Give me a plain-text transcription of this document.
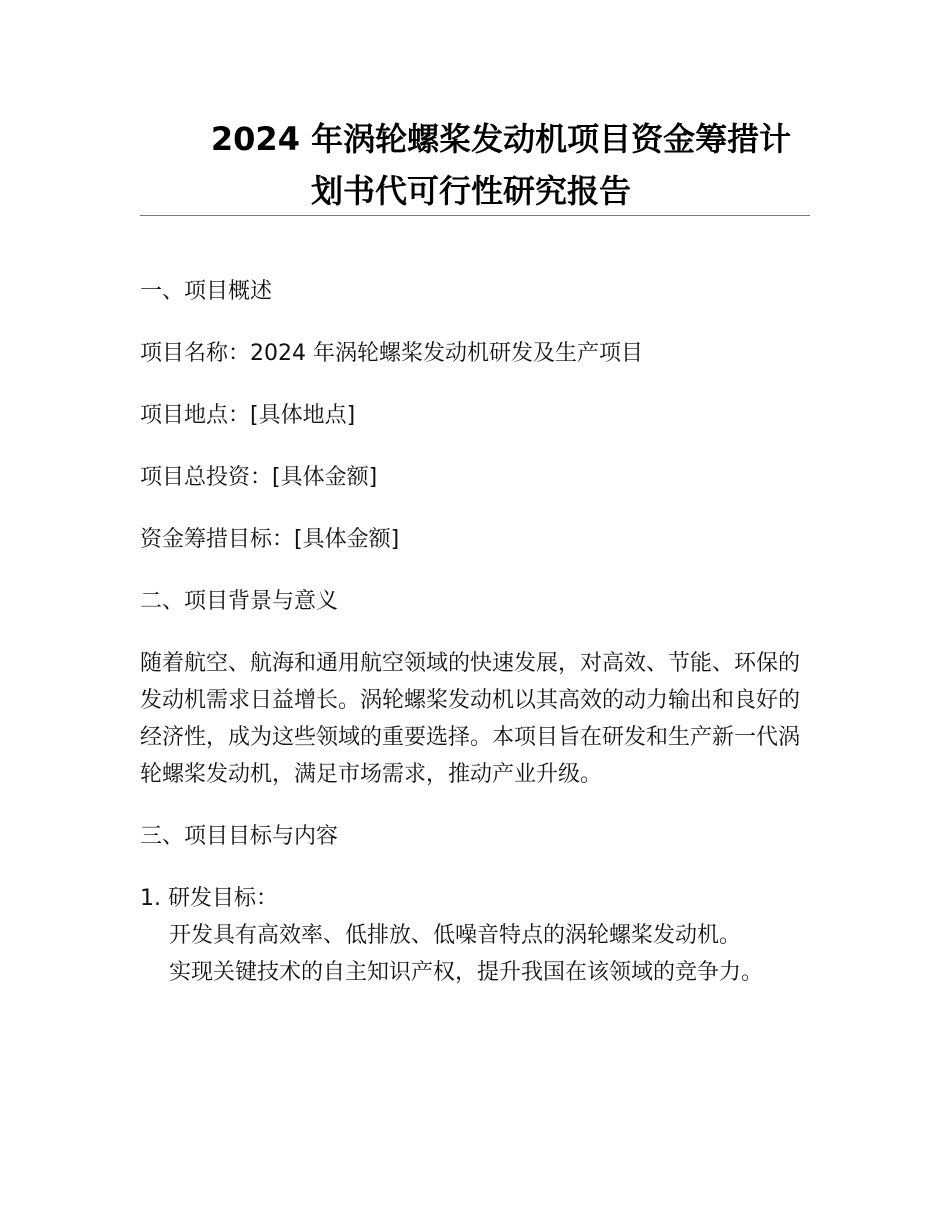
2024 年涡轮螺桨发动机项目资金筹措计
划书代可行性研究报告

一、项目概述

项目名称：2024 年涡轮螺桨发动机研发及生产项目

项目地点：[具体地点]

项目总投资：[具体金额]

资金筹措目标：[具体金额]

二、项目背景与意义

随着航空、航海和通用航空领域的快速发展，对高效、节能、环保的发动机需求日益增长。涡轮螺桨发动机以其高效的动力输出和良好的经济性，成为这些领域的重要选择。本项目旨在研发和生产新一代涡轮螺桨发动机，满足市场需求，推动产业升级。

三、项目目标与内容

1. 研发目标：

开发具有高效率、低排放、低噪音特点的涡轮螺桨发动机。

实现关键技术的自主知识产权，提升我国在该领域的竞争力。
